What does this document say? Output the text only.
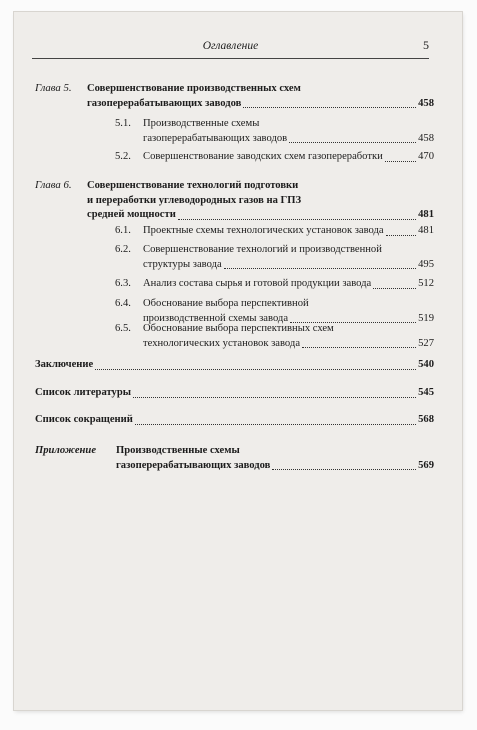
Оглавление	5
Глава 5. Совершенствование производственных схем
газоперерабатывающих заводов	458
5.1.	Производственные схемы
газоперерабатывающих заводов	458
5.2.	Совершенствование заводских схем газопереработки	470
Глава 6. Совершенствование технологий подготовки
и переработки углеводородных газов на ГПЗ
средней мощности	481
6.1.	Проектные схемы технологических установок завода	481
6.2.	Совершенствование технологий и производственной
структуры завода	495
6.3.	Анализ состава сырья и готовой продукции завода	512
6.4.	Обоснование выбора перспективной
производственной схемы завода	519
6.5.	Обоснование выбора перспективных схем
технологических установок завода	527
Заключение	540
Список литературы	545
Список сокращений	568
Приложение Производственные схемы
газоперерабатывающих заводов	569
